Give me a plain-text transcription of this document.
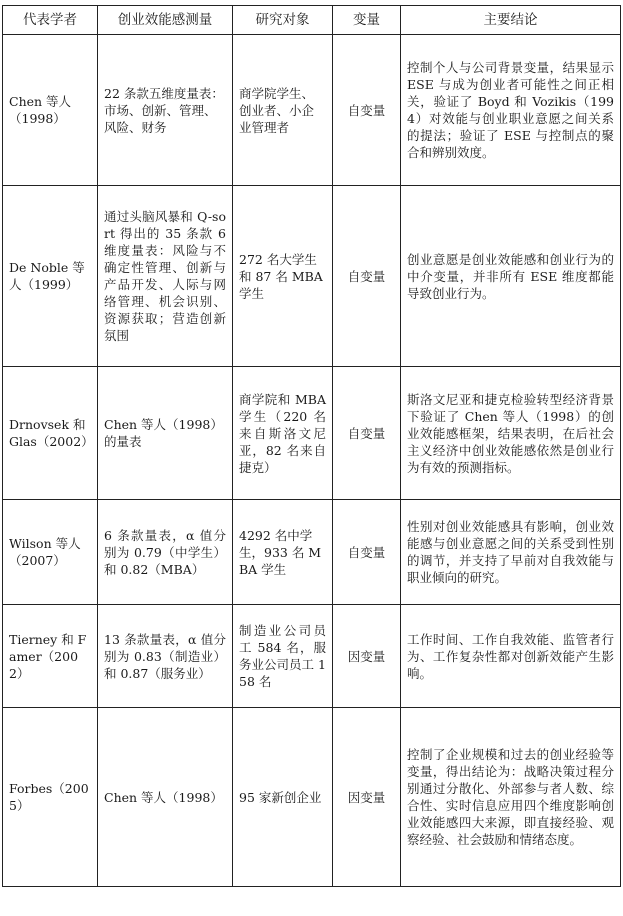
代表学者	创业效能感测量	研究对象	变量	主要结论
Chen 等人（1998）	22 条款五维度量表：市场、创新、管理、风险、财务	商学院学生、创业者、小企业管理者	自变量	控制个人与公司背景变量，结果显示 ESE 与成为创业者可能性之间正相关，验证了 Boyd 和 Vozikis（1994）对效能与创业职业意愿之间关系的提法；验证了 ESE 与控制点的聚合和辨别效度。
De Noble 等人（1999）	通过头脑风暴和 Q-sort 得出的 35 条款 6 维度量表：风险与不确定性管理、创新与产品开发、人际与网络管理、机会识别、资源获取；营造创新氛围	272 名大学生和 87 名 MBA 学生	自变量	创业意愿是创业效能感和创业行为的中介变量，并非所有 ESE 维度都能导致创业行为。
Drnovsek 和 Glas（2002）	Chen 等人（1998）的量表	商学院和 MBA 学生（220 名来自斯洛文尼亚，82 名来自捷克）	自变量	斯洛文尼亚和捷克检验转型经济背景下验证了 Chen 等人（1998）的创业效能感框架，结果表明，在后社会主义经济中创业效能感依然是创业行为有效的预测指标。
Wilson 等人（2007）	6 条款量表，α 值分别为 0.79（中学生）和 0.82（MBA）	4292 名中学生，933 名 MBA 学生	自变量	性别对创业效能感具有影响，创业效能感与创业意愿之间的关系受到性别的调节，并支持了早前对自我效能与职业倾向的研究。
Tierney 和 Famer（2002）	13 条款量表，α 值分别为 0.83（制造业）和 0.87（服务业）	制造业公司员工 584 名，服务业公司员工 158 名	因变量	工作时间、工作自我效能、监管者行为、工作复杂性都对创新效能产生影响。
Forbes（2005）	Chen 等人（1998）	95 家新创企业	因变量	控制了企业规模和过去的创业经验等变量，得出结论为：战略决策过程分别通过分散化、外部参与者人数、综合性、实时信息应用四个维度影响创业效能感四大来源，即直接经验、观察经验、社会鼓励和情绪态度。
